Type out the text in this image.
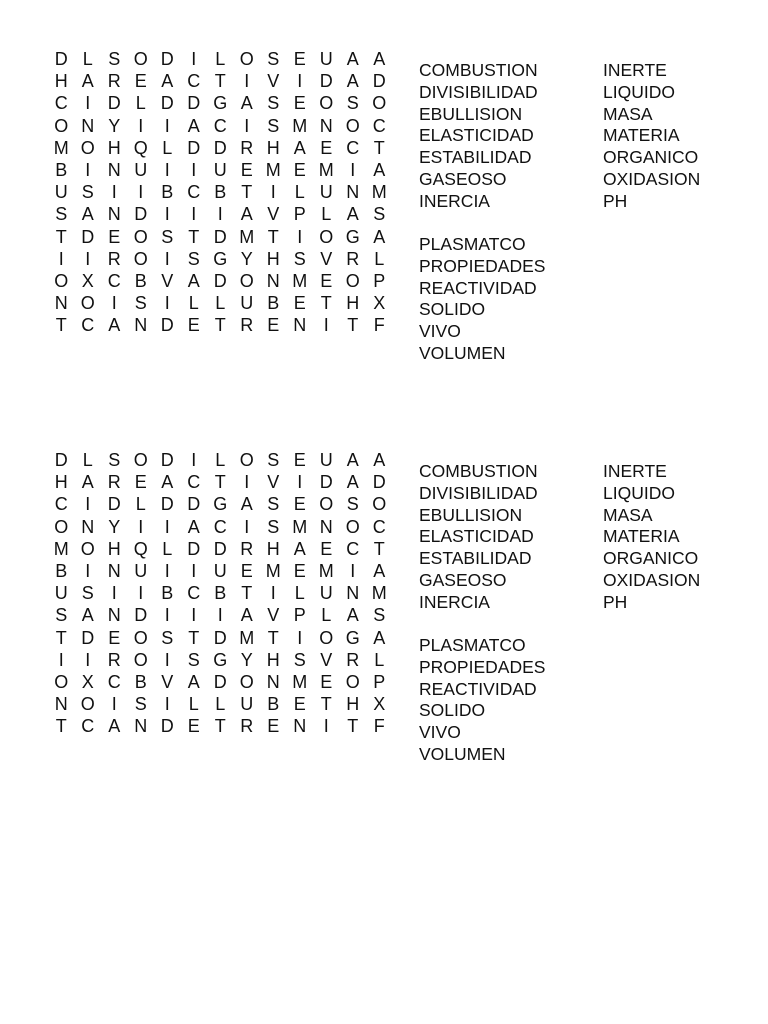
D L S O D I	L O S E U A A
H A R E A C T	I V I D A D
C I D L D D G A S E O S O
O N Y I	I A C I S M N O C
M O H Q L D D R H A E C T
B I N U I	I U E M E M I A
U S I	I B C B T	I	L U N M
S A N D I	I	I A V P L A S
T D E O S T D M T	I O G A
I	I R O I S G Y H S V R L
O X C B V A D O N M E O P
N O I S I	L L U B E T H X
T C A N D E T R E N I	T F
COMBUSTION
DIVISIBILIDAD
EBULLISION
ELASTICIDAD
ESTABILIDAD
GASEOSO
INERCIA
PLASMATCO
PROPIEDADES
REACTIVIDAD
SOLIDO
VIVO
VOLUMEN
INERTE
LIQUIDO
MASA
MATERIA
ORGANICO
OXIDASION
PH
D L S O D I	L O S E U A A
H A R E A C T	I V I D A D
C I D L D D G A S E O S O
O N Y I	I A C I S M N O C
M O H Q L D D R H A E C T
B I N U I	I U E M E M I A
U S I	I B C B T	I	L U N M
S A N D I	I	I A V P L A S
T D E O S T D M T	I O G A
I	I R O I S G Y H S V R L
O X C B V A D O N M E O P
N O I S I	L L U B E T H X
T C A N D E T R E N I	T F
COMBUSTION
DIVISIBILIDAD
EBULLISION
ELASTICIDAD
ESTABILIDAD
GASEOSO
INERCIA
PLASMATCO
PROPIEDADES
REACTIVIDAD
SOLIDO
VIVO
VOLUMEN
INERTE
LIQUIDO
MASA
MATERIA
ORGANICO
OXIDASION
PH
